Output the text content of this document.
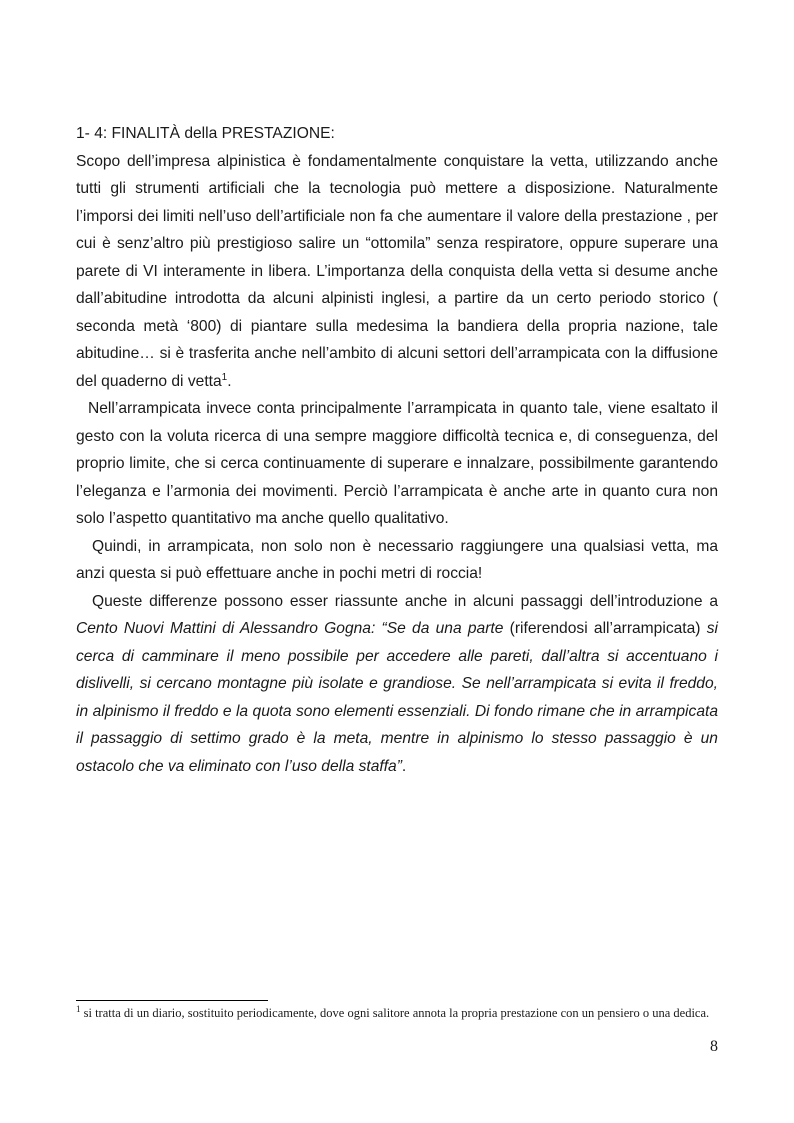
1- 4: FINALITÀ della PRESTAZIONE:

Scopo dell’impresa alpinistica è fondamentalmente conquistare la vetta, utilizzando anche tutti gli strumenti artificiali che la tecnologia può mettere a disposizione. Naturalmente l’imporsi dei limiti nell’uso dell’artificiale non fa che aumentare il valore della prestazione , per cui è senz’altro più prestigioso salire un “ottomila” senza respiratore, oppure superare una parete di VI interamente in libera. L’importanza della conquista della vetta si desume anche dall’abitudine introdotta da alcuni alpinisti inglesi, a partire da un certo periodo storico ( seconda metà ‘800) di piantare sulla medesima la bandiera della propria nazione, tale abitudine… si è trasferita anche nell’ambito di alcuni settori dell’arrampicata con la diffusione del quaderno di vetta$^1$.

Nell’arrampicata invece conta principalmente l’arrampicata in quanto tale, viene esaltato il gesto con la voluta ricerca di una sempre maggiore difficoltà tecnica e, di conseguenza, del proprio limite, che si cerca continuamente di superare e innalzare, possibilmente garantendo l’eleganza e l’armonia dei movimenti. Perciò l’arrampicata è anche arte in quanto cura non solo l’aspetto quantitativo ma anche quello qualitativo.

Quindi, in arrampicata, non solo non è necessario raggiungere una qualsiasi vetta, ma anzi questa si può effettuare anche in pochi metri di roccia!

Queste differenze possono esser riassunte anche in alcuni passaggi dell’introduzione a Cento Nuovi Mattini di Alessandro Gogna: “Se da una parte (riferendosi all’arrampicata) si cerca di camminare il meno possibile per accedere alle pareti, dall’altra si accentuano i dislivelli, si cercano montagne più isolate e grandiose. Se nell’arrampicata si evita il freddo, in alpinismo il freddo e la quota sono elementi essenziali. Di fondo rimane che in arrampicata il passaggio di settimo grado è la meta, mentre in alpinismo lo stesso passaggio è un ostacolo che va eliminato con l’uso della staffa”.

$^1$ si tratta di un diario, sostituito periodicamente, dove ogni salitore annota la propria prestazione con un pensiero o una dedica.

8
